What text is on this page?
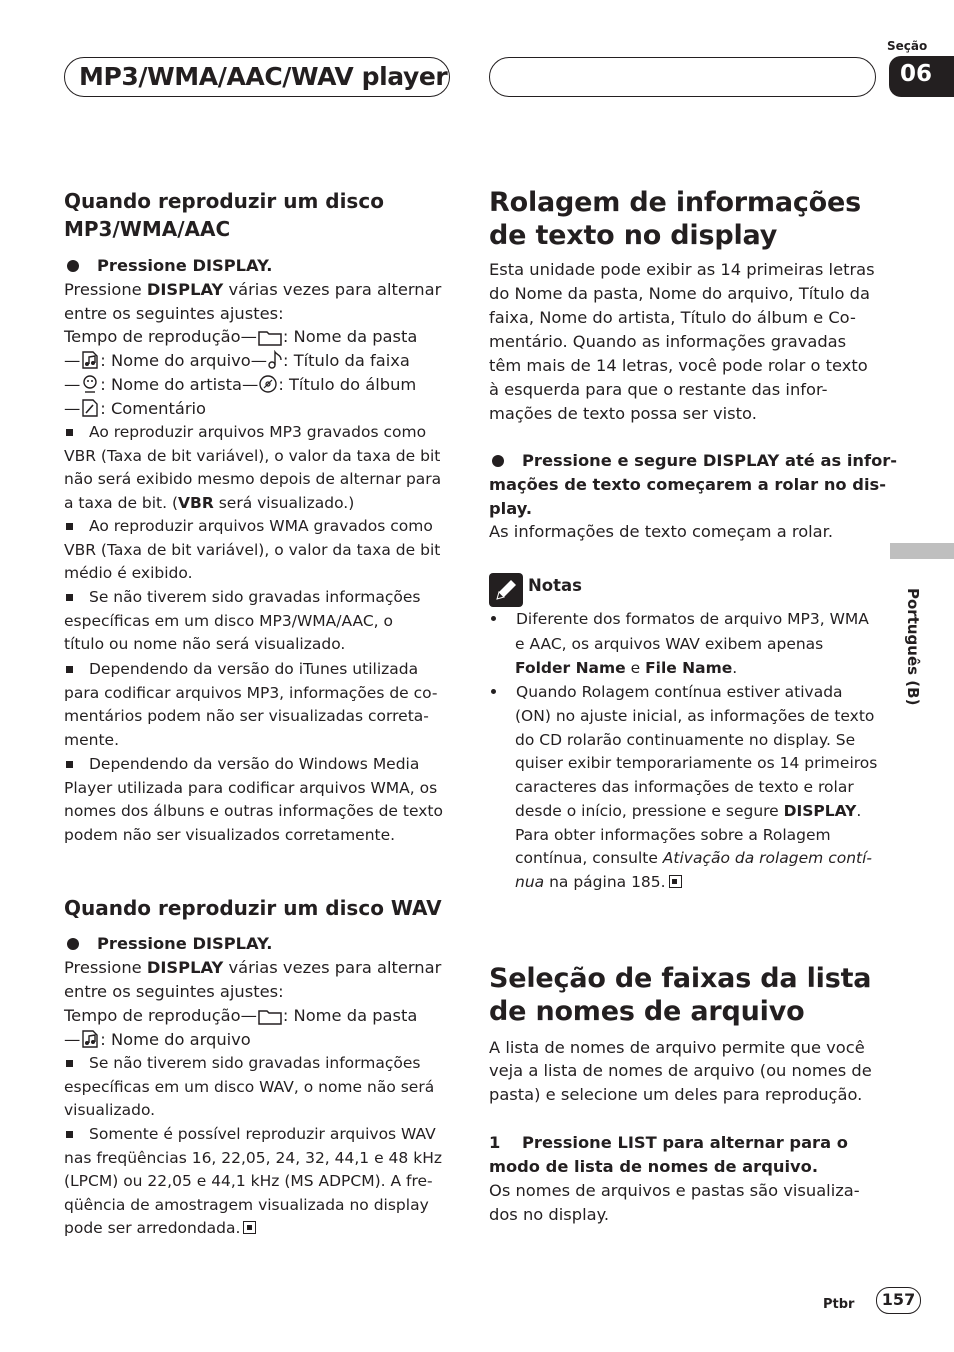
MP3/WMA/AAC/WAV player
Seção
06
Português (B)
Quando reproduzir um disco
MP3/WMA/AAC
Pressione DISPLAY.
Pressione DISPLAY várias vezes para alternar
entre os seguintes ajustes:
Tempo de reprodução— : Nome da pasta
— : Nome do arquivo— : Título da faixa
— : Nome do artista— : Título do álbum
— : Comentário
Ao reproduzir arquivos MP3 gravados como
VBR (Taxa de bit variável), o valor da taxa de bit
não será exibido mesmo depois de alternar para
a taxa de bit. (VBR será visualizado.)
Ao reproduzir arquivos WMA gravados como
VBR (Taxa de bit variável), o valor da taxa de bit
médio é exibido.
Se não tiverem sido gravadas informações
específicas em um disco MP3/WMA/AAC, o
título ou nome não será visualizado.
Dependendo da versão do iTunes utilizada
para codificar arquivos MP3, informações de co-
mentários podem não ser visualizadas correta-
mente.
Dependendo da versão do Windows Media
Player utilizada para codificar arquivos WMA, os
nomes dos álbuns e outras informações de texto
podem não ser visualizados corretamente.
Quando reproduzir um disco WAV
Pressione DISPLAY.
Pressione DISPLAY várias vezes para alternar
entre os seguintes ajustes:
Tempo de reprodução— : Nome da pasta
— : Nome do arquivo
Se não tiverem sido gravadas informações
específicas em um disco WAV, o nome não será
visualizado.
Somente é possível reproduzir arquivos WAV
nas freqüências 16, 22,05, 24, 32, 44,1 e 48 kHz
(LPCM) ou 22,05 e 44,1 kHz (MS ADPCM). A fre-
qüência de amostragem visualizada no display
pode ser arredondada.
Rolagem de informações
de texto no display
Esta unidade pode exibir as 14 primeiras letras
do Nome da pasta, Nome do arquivo, Título da
faixa, Nome do artista, Título do álbum e Co-
mentário. Quando as informações gravadas
têm mais de 14 letras, você pode rolar o texto
à esquerda para que o restante das infor-
mações de texto possa ser visto.
Pressione e segure DISPLAY até as infor-
mações de texto começarem a rolar no dis-
play.
As informações de texto começam a rolar.
Notas
Diferente dos formatos de arquivo MP3, WMA
e AAC, os arquivos WAV exibem apenas
Folder Name e File Name.
Quando Rolagem contínua estiver ativada
(ON) no ajuste inicial, as informações de texto
do CD rolarão continuamente no display. Se
quiser exibir temporariamente os 14 primeiros
caracteres das informações de texto e rolar
desde o início, pressione e segure DISPLAY.
Para obter informações sobre a Rolagem
contínua, consulte Ativação da rolagem contí-
nua na página 185.
Seleção de faixas da lista
de nomes de arquivo
A lista de nomes de arquivo permite que você
veja a lista de nomes de arquivo (ou nomes de
pasta) e selecione um deles para reprodução.
1 Pressione LIST para alternar para o
modo de lista de nomes de arquivo.
Os nomes de arquivos e pastas são visualiza-
dos no display.
Ptbr	157
